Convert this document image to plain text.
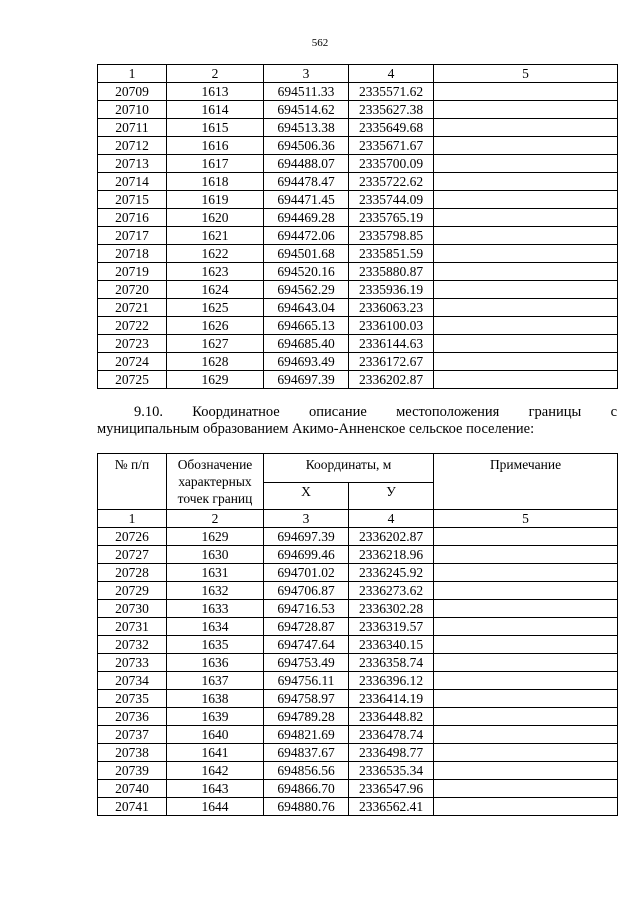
562
1	2	3	4	5
20709	1613	694511.33	2335571.62	
20710	1614	694514.62	2335627.38	
20711	1615	694513.38	2335649.68	
20712	1616	694506.36	2335671.67	
20713	1617	694488.07	2335700.09	
20714	1618	694478.47	2335722.62	
20715	1619	694471.45	2335744.09	
20716	1620	694469.28	2335765.19	
20717	1621	694472.06	2335798.85	
20718	1622	694501.68	2335851.59	
20719	1623	694520.16	2335880.87	
20720	1624	694562.29	2335936.19	
20721	1625	694643.04	2336063.23	
20722	1626	694665.13	2336100.03	
20723	1627	694685.40	2336144.63	
20724	1628	694693.49	2336172.67	
20725	1629	694697.39	2336202.87	
9.10. Координатное описание местоположения границы с
муниципальным образованием Акимо-Анненское сельское поселение:
№ п/п	Обозначение характерных точек границ	Координаты, м		Примечание
		X	У	
1	2	3	4	5
20726	1629	694697.39	2336202.87	
20727	1630	694699.46	2336218.96	
20728	1631	694701.02	2336245.92	
20729	1632	694706.87	2336273.62	
20730	1633	694716.53	2336302.28	
20731	1634	694728.87	2336319.57	
20732	1635	694747.64	2336340.15	
20733	1636	694753.49	2336358.74	
20734	1637	694756.11	2336396.12	
20735	1638	694758.97	2336414.19	
20736	1639	694789.28	2336448.82	
20737	1640	694821.69	2336478.74	
20738	1641	694837.67	2336498.77	
20739	1642	694856.56	2336535.34	
20740	1643	694866.70	2336547.96	
20741	1644	694880.76	2336562.41	
